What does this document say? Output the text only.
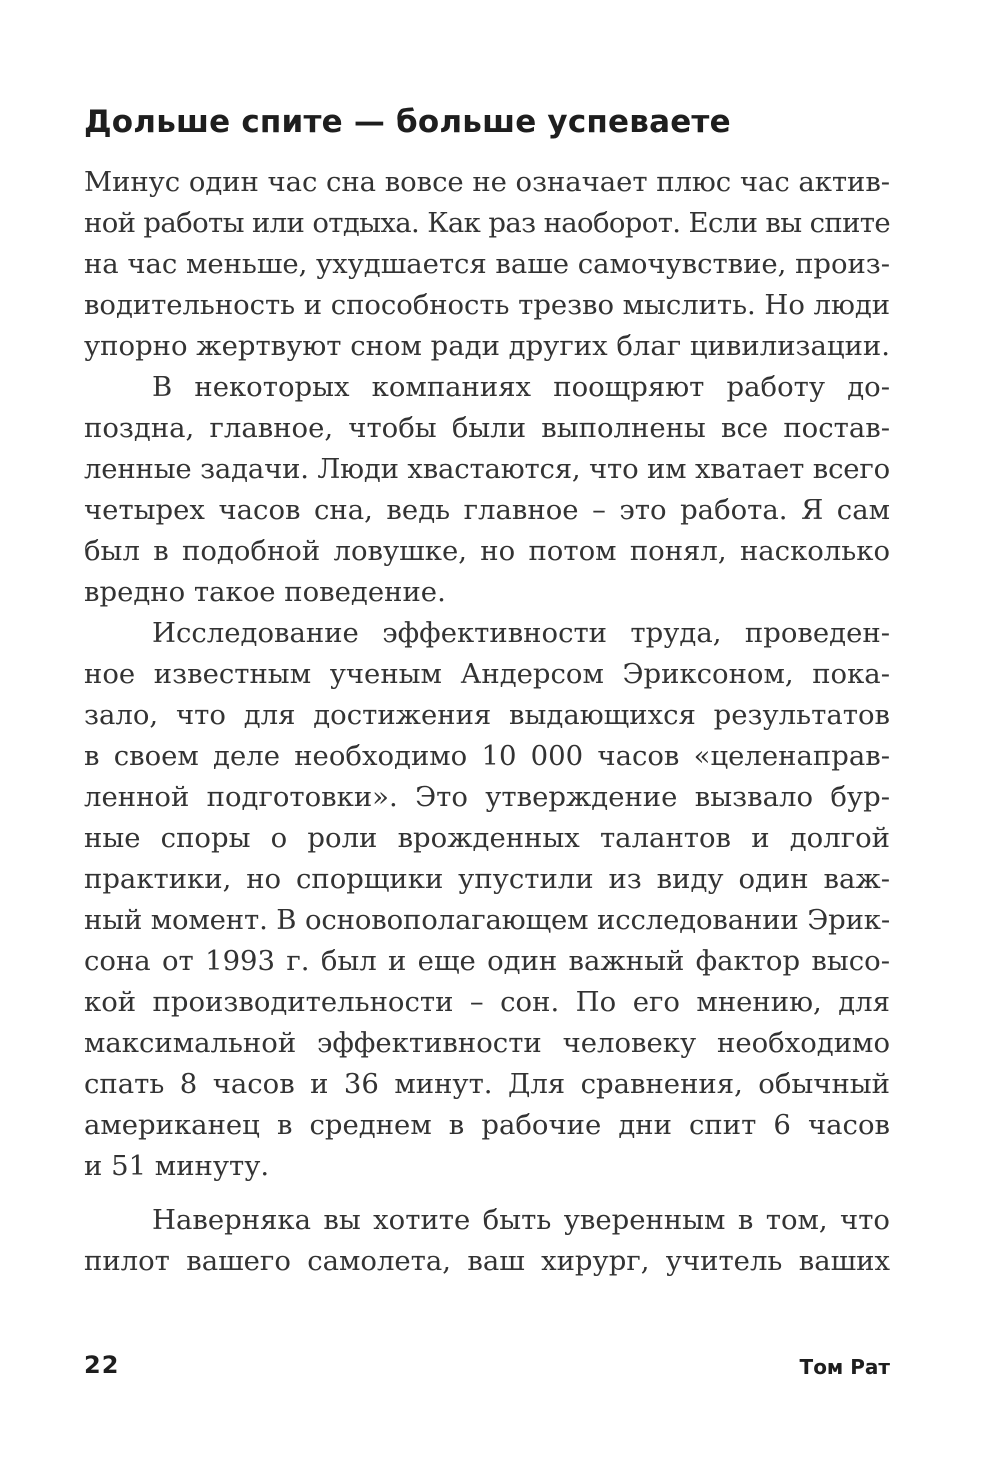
Дольше спите — больше успеваете
Минус один час сна вовсе не означает плюс час актив-
ной работы или отдыха. Как раз наоборот. Если вы спите
на час меньше, ухудшается ваше самочувствие, произ-
водительность и способность трезво мыслить. Но люди
упорно жертвуют сном ради других благ цивилизации.
В некоторых компаниях поощряют работу до-
поздна, главное, чтобы были выполнены все постав-
ленные задачи. Люди хвастаются, что им хватает всего
четырех часов сна, ведь главное – это работа. Я сам
был в подобной ловушке, но потом понял, насколько
вредно такое поведение.
Исследование эффективности труда, проведен-
ное известным ученым Андерсом Эриксоном, пока-
зало, что для достижения выдающихся результатов
в своем деле необходимо 10 000 часов «целенаправ-
ленной подготовки». Это утверждение вызвало бур-
ные споры о роли врожденных талантов и долгой
практики, но спорщики упустили из виду один важ-
ный момент. В основополагающем исследовании Эрик-
сона от 1993 г. был и еще один важный фактор высо-
кой производительности – сон. По его мнению, для
максимальной эффективности человеку необходимо
спать 8 часов и 36 минут. Для сравнения, обычный
американец в среднем в рабочие дни спит 6 часов
и 51 минуту.
Наверняка вы хотите быть уверенным в том, что
пилот вашего самолета, ваш хирург, учитель ваших
22	Том Рат
